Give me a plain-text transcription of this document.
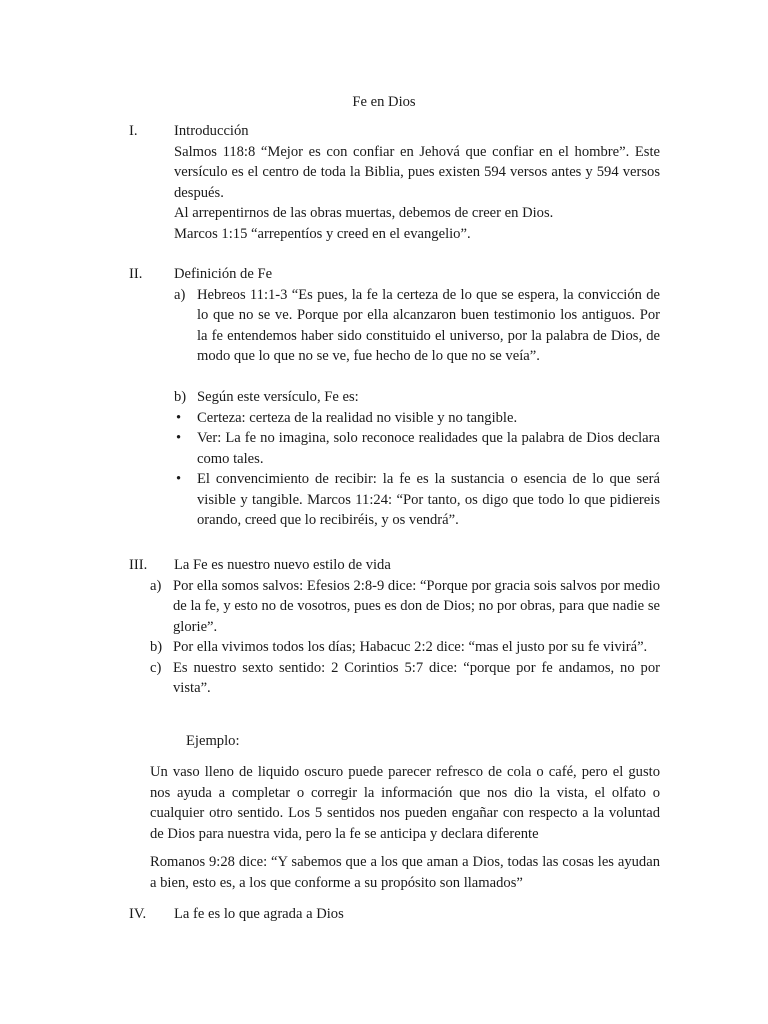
Fe en Dios
I. Introducción
Salmos 118:8 “Mejor es con confiar en Jehová que confiar en el hombre”. Este versículo es el centro de toda la Biblia, pues existen 594 versos antes y 594 versos después.
Al arrepentirnos de las obras muertas, debemos de creer en Dios.
Marcos 1:15 “arrepentíos y creed en el evangelio”.
II. Definición de Fe
a) Hebreos 11:1-3 “Es pues, la fe la certeza de lo que se espera, la convicción de lo que no se ve. Porque por ella alcanzaron buen testimonio los antiguos. Por la fe entendemos haber sido constituido el universo, por la palabra de Dios, de modo que lo que no se ve, fue hecho de lo que no se veía”.
b) Según este versículo, Fe es:
• Certeza: certeza de la realidad no visible y no tangible.
• Ver: La fe no imagina, solo reconoce realidades que la palabra de Dios declara como tales.
• El convencimiento de recibir: la fe es la sustancia o esencia de lo que será visible y tangible. Marcos 11:24: “Por tanto, os digo que todo lo que pidiereis orando, creed que lo recibiréis, y os vendrá”.
III. La Fe es nuestro nuevo estilo de vida
a) Por ella somos salvos: Efesios 2:8-9 dice: “Porque por gracia sois salvos por medio de la fe, y esto no de vosotros, pues es don de Dios; no por obras, para que nadie se glorie”.
b) Por ella vivimos todos los días; Habacuc 2:2 dice: “mas el justo por su fe vivirá”.
c) Es nuestro sexto sentido: 2 Corintios 5:7 dice: “porque por fe andamos, no por vista”.
Ejemplo:
Un vaso lleno de liquido oscuro puede parecer refresco de cola o café, pero el gusto nos ayuda a completar o corregir la información que nos dio la vista, el olfato o cualquier otro sentido. Los 5 sentidos nos pueden engañar con respecto a la voluntad de Dios para nuestra vida, pero la fe se anticipa y declara diferente
Romanos 9:28 dice: “Y sabemos que a los que aman a Dios, todas las cosas les ayudan a bien, esto es, a los que conforme a su propósito son llamados”
IV. La fe es lo que agrada a Dios
